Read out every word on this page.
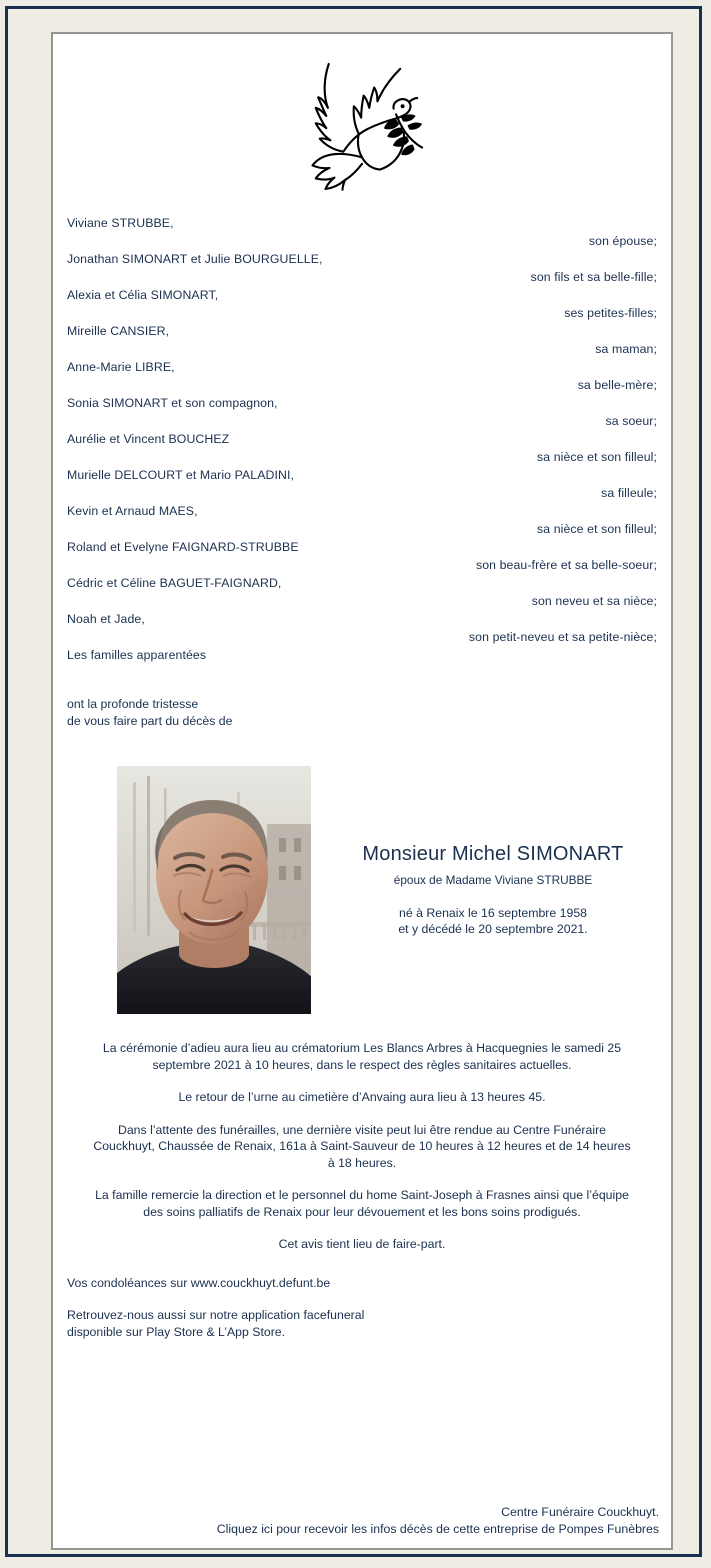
Viviane STRUBBE,
son épouse;
Jonathan SIMONART et Julie BOURGUELLE,
son fils et sa belle-fille;
Alexia et Célia SIMONART,
ses petites-filles;
Mireille CANSIER,
sa maman;
Anne-Marie LIBRE,
sa belle-mère;
Sonia SIMONART et son compagnon,
sa soeur;
Aurélie et Vincent BOUCHEZ
sa nièce et son filleul;
Murielle DELCOURT et Mario PALADINI,
sa filleule;
Kevin et Arnaud MAES,
sa nièce et son filleul;
Roland et Evelyne FAIGNARD-STRUBBE
son beau-frère et sa belle-soeur;
Cédric et Céline BAGUET-FAIGNARD,
son neveu et sa nièce;
Noah et Jade,
son petit-neveu et sa petite-nièce;
Les familles apparentées
ont la profonde tristesse
de vous faire part du décès de
Monsieur Michel SIMONART
époux de Madame Viviane STRUBBE
né à Renaix le 16 septembre 1958
et y décédé le 20 septembre 2021.

La cérémonie d’adieu aura lieu au crématorium Les Blancs Arbres à Hacquegnies le samedi 25 septembre 2021 à 10 heures, dans le respect des règles sanitaires actuelles.

Le retour de l’urne au cimetière d’Anvaing aura lieu à 13 heures 45.

Dans l’attente des funérailles, une dernière visite peut lui être rendue au Centre Funéraire Couckhuyt, Chaussée de Renaix, 161a à Saint-Sauveur de 10 heures à 12 heures et de 14 heures à 18 heures.

La famille remercie la direction et le personnel du home Saint-Joseph à Frasnes ainsi que l’équipe des soins palliatifs de Renaix pour leur dévouement et les bons soins prodigués.

Cet avis tient lieu de faire-part.

Vos condoléances sur www.couckhuyt.defunt.be

Retrouvez-nous aussi sur notre application facefuneral
disponible sur Play Store & L’App Store.

Centre Funéraire Couckhuyt.
Cliquez ici pour recevoir les infos décès de cette entreprise de Pompes Funèbres
